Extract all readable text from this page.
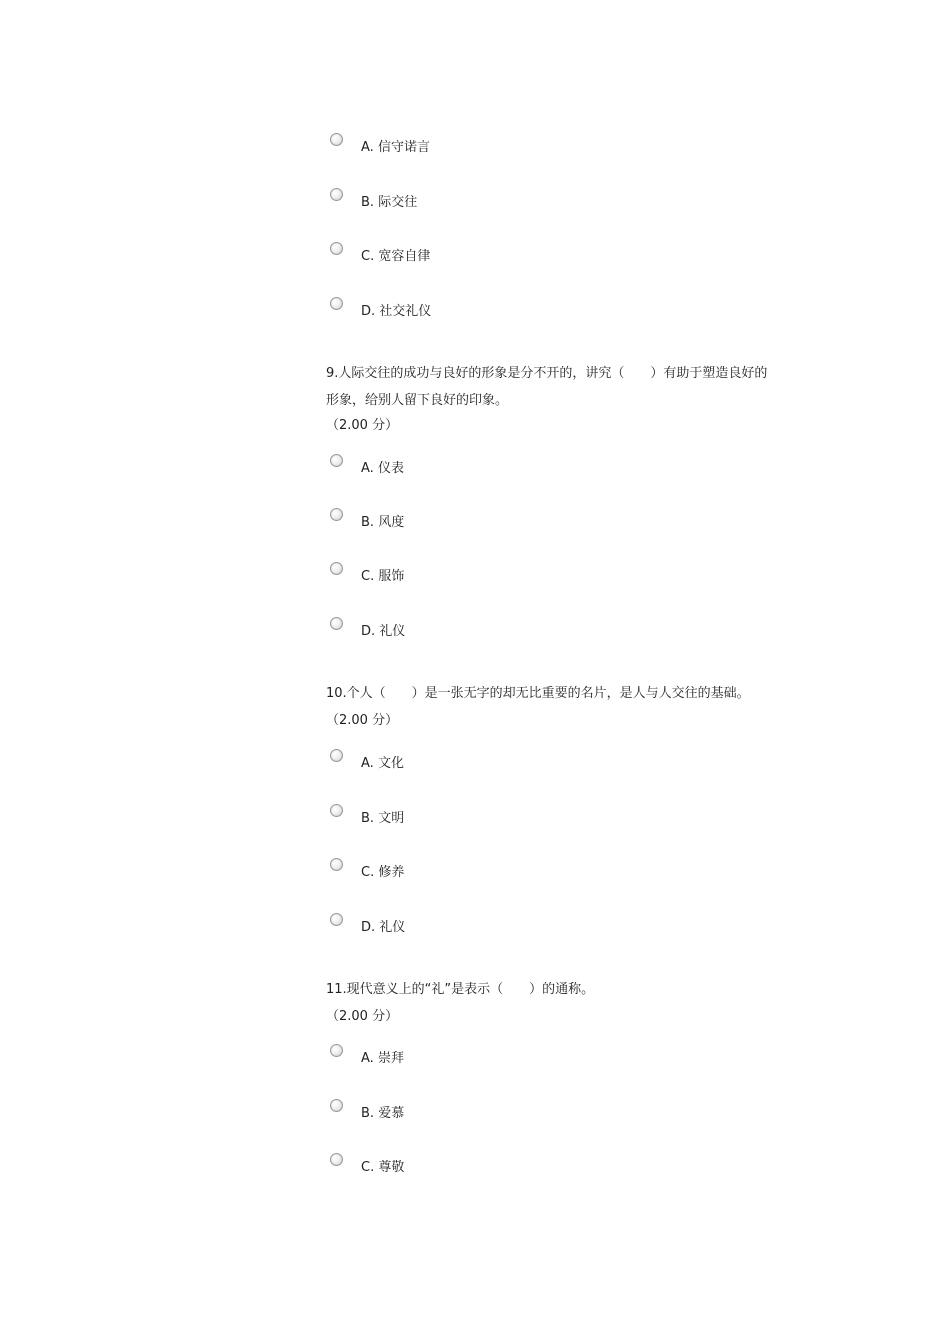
A. 信守诺言
B. 际交往
C. 宽容自律
D. 社交礼仪
9.人际交往的成功与良好的形象是分不开的，讲究（　　）有助于塑造良好的
形象，给别人留下良好的印象。
（2.00 分）
A. 仪表
B. 风度
C. 服饰
D. 礼仪
10.个人（　　）是一张无字的却无比重要的名片，是人与人交往的基础。
（2.00 分）
A. 文化
B. 文明
C. 修养
D. 礼仪
11.现代意义上的“礼”是表示（　　）的通称。
（2.00 分）
A. 崇拜
B. 爱慕
C. 尊敬
